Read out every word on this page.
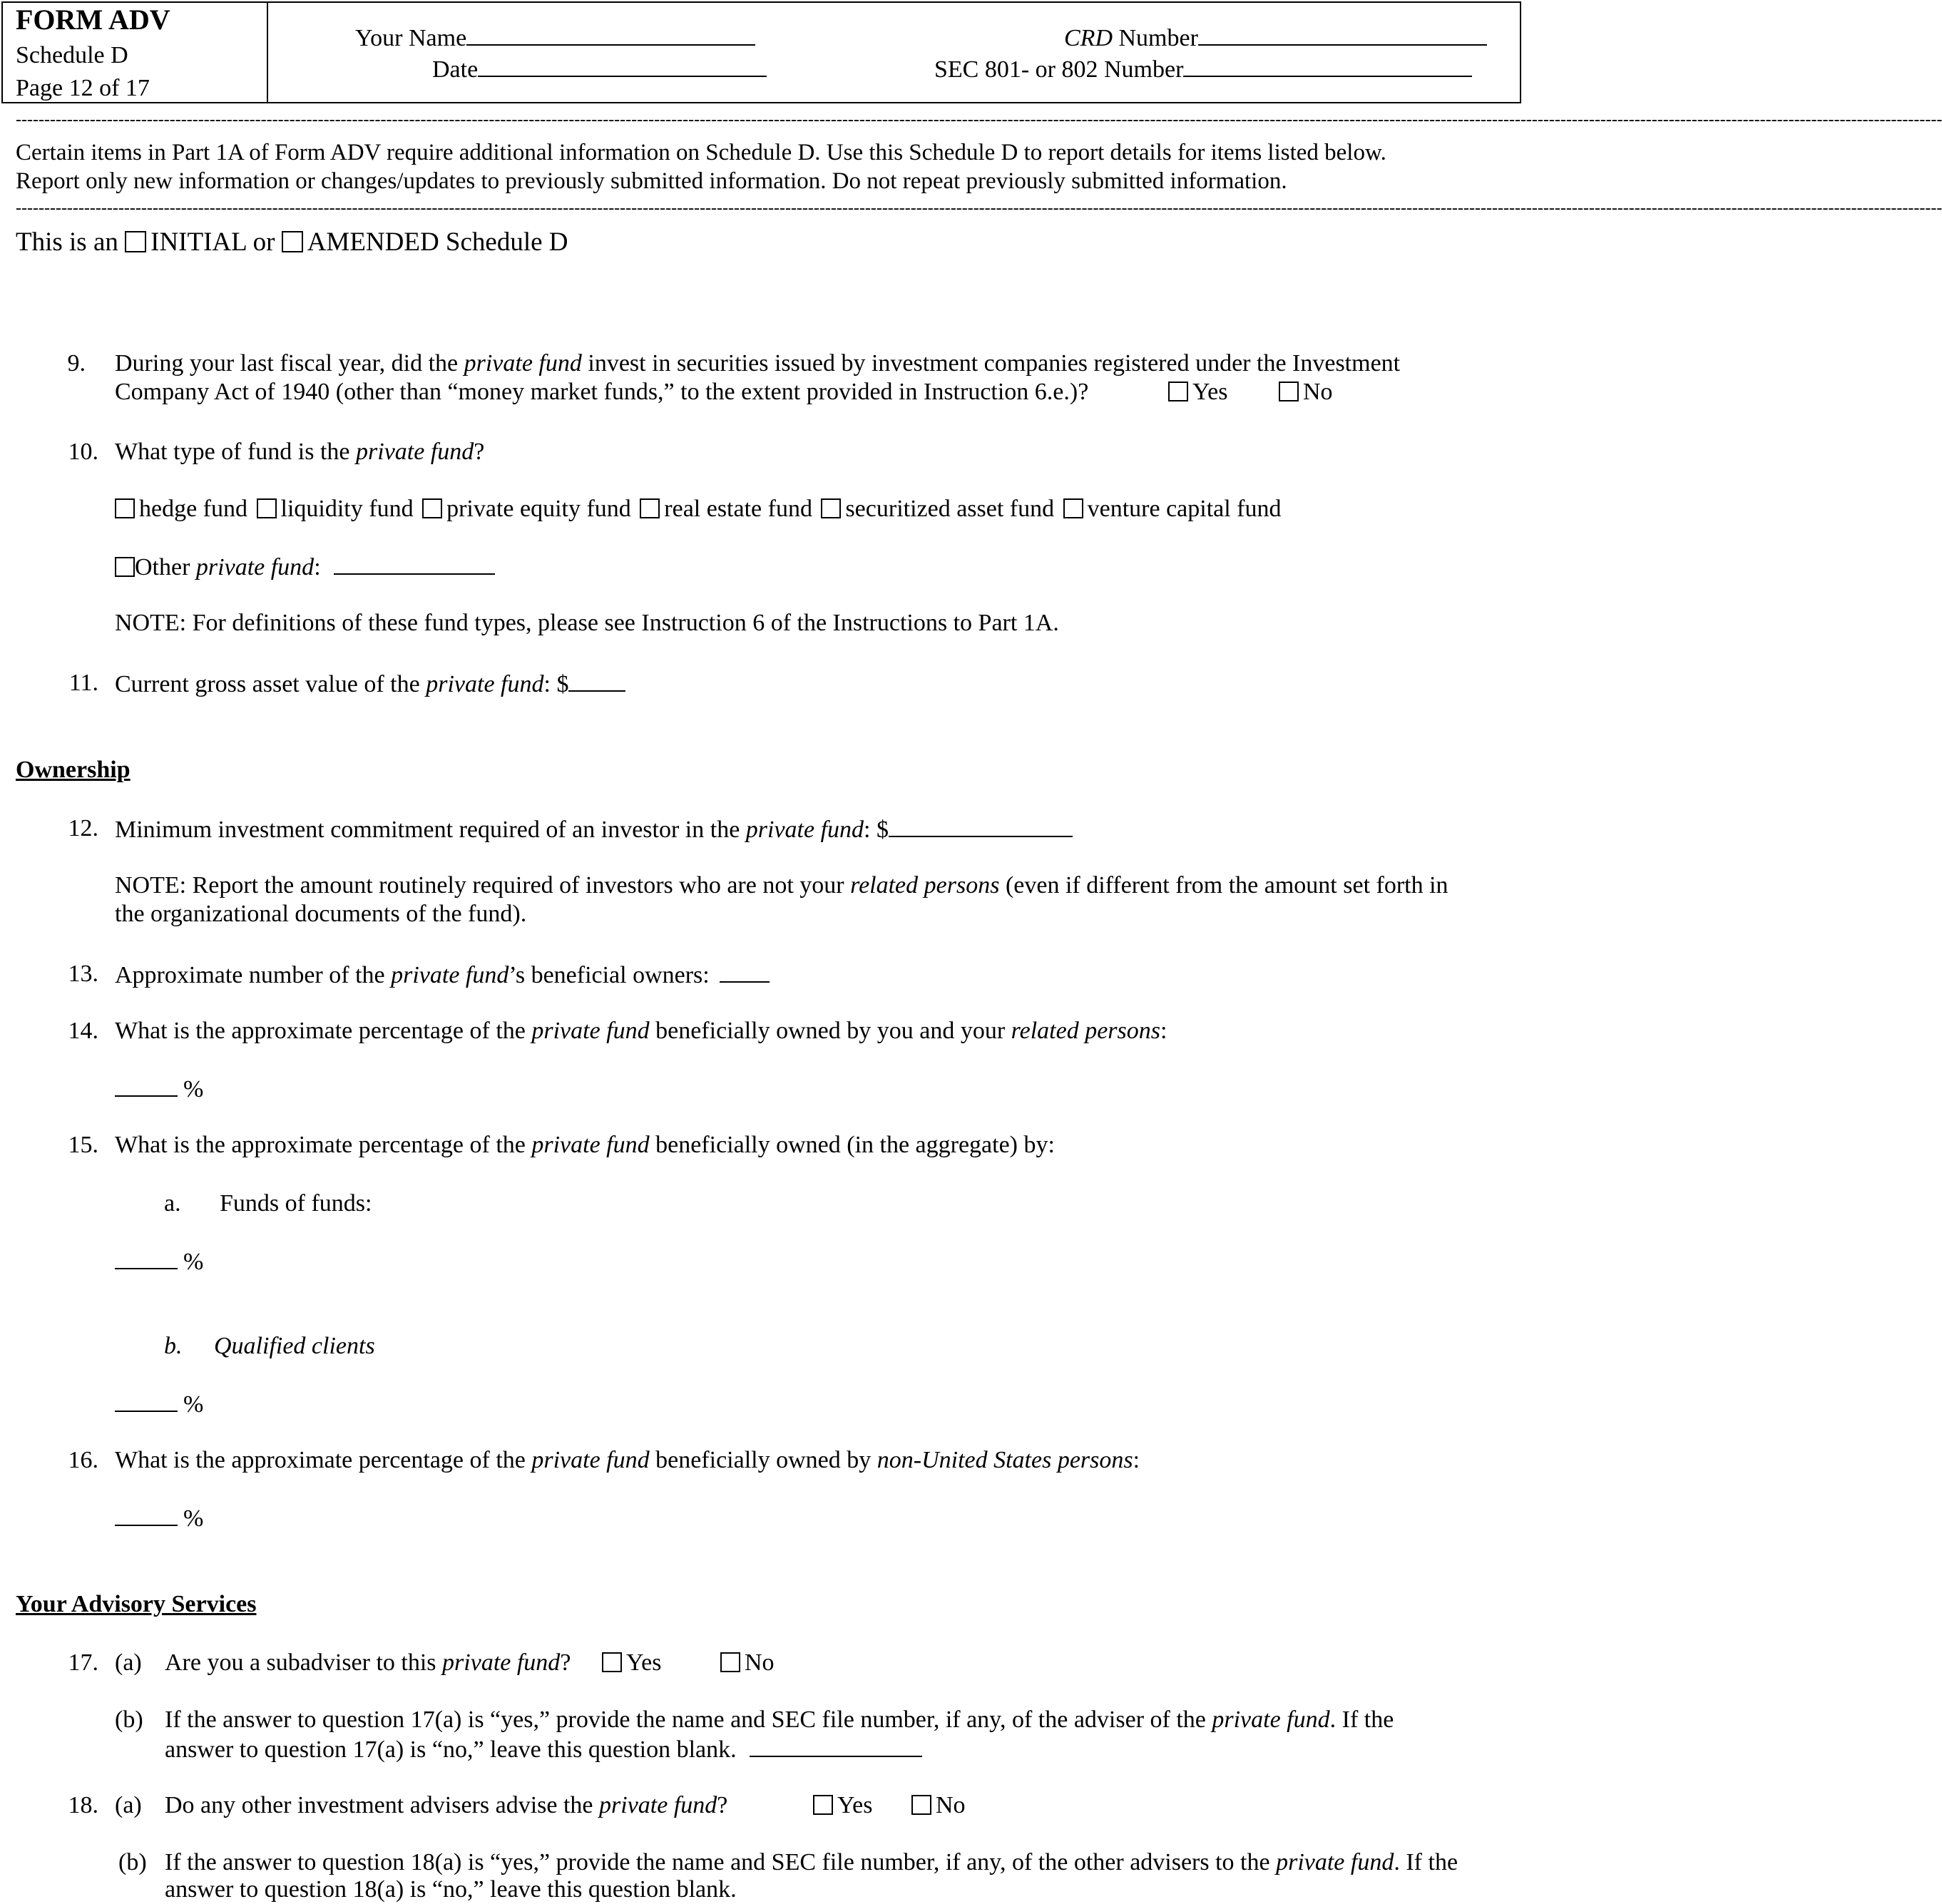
FORM ADV
Schedule D
Page 12 of 17
Your Name
Date
CRD Number
SEC 801- or 802 Number
--------------------------------------------------------------------------------------------------------------------------------------------------------------------------------------------------------------------------------------------------------------------------------------------------------------------------------------------------
Certain items in Part 1A of Form ADV require additional information on Schedule D. Use this Schedule D to report details for items listed below.
Report only new information or changes/updates to previously submitted information. Do not repeat previously submitted information.
--------------------------------------------------------------------------------------------------------------------------------------------------------------------------------------------------------------------------------------------------------------------------------------------------------------------------------------------------
This is an INITIAL or AMENDED Schedule D
9. During your last fiscal year, did the private fund invest in securities issued by investment companies registered under the Investment
Company Act of 1940 (other than “money market funds,” to the extent provided in Instruction 6.e.)?	Yes	No
10. What type of fund is the private fund?
hedge fund liquidity fund private equity fund real estate fund securitized asset fund venture capital fund
Other private fund:
NOTE: For definitions of these fund types, please see Instruction 6 of the Instructions to Part 1A.
11. Current gross asset value of the private fund: $
Ownership
12. Minimum investment commitment required of an investor in the private fund: $
NOTE: Report the amount routinely required of investors who are not your related persons (even if different from the amount set forth in
the organizational documents of the fund).
13. Approximate number of the private fund’s beneficial owners:
14. What is the approximate percentage of the private fund beneficially owned by you and your related persons:
%
15. What is the approximate percentage of the private fund beneficially owned (in the aggregate) by:
a. Funds of funds:
%
b. Qualified clients
%
16. What is the approximate percentage of the private fund beneficially owned by non-United States persons:
%
Your Advisory Services
17. (a) Are you a subadviser to this private fund?	Yes	No
(b) If the answer to question 17(a) is “yes,” provide the name and SEC file number, if any, of the adviser of the private fund. If the
answer to question 17(a) is “no,” leave this question blank.
18. (a) Do any other investment advisers advise the private fund?	Yes	No
(b) If the answer to question 18(a) is “yes,” provide the name and SEC file number, if any, of the other advisers to the private fund. If the
answer to question 18(a) is “no,” leave this question blank.
